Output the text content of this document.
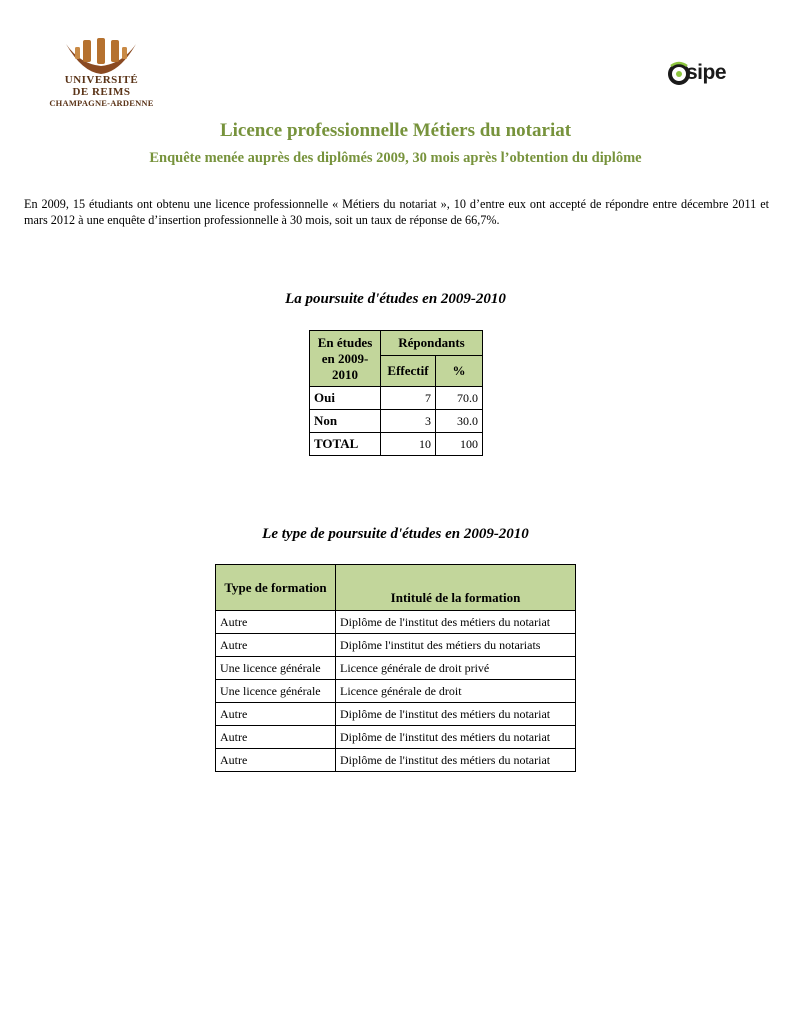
UNIVERSITÉ
DE REIMS
CHAMPAGNE-ARDENNE
sipe
Licence professionnelle Métiers du notariat
Enquête menée auprès des diplômés 2009, 30 mois après l’obtention du diplôme
En 2009, 15 étudiants ont obtenu une licence professionnelle « Métiers du notariat », 10 d’entre eux ont accepté de répondre entre décembre 2011 et mars 2012 à une enquête d’insertion professionnelle à 30 mois, soit un taux de réponse de 66,7%.
La poursuite d'études en 2009-2010
En études en 2009-2010	Répondants	
	Effectif	%
Oui	7	70.0
Non	3	30.0
TOTAL	10	100
Le type de poursuite d'études en 2009-2010
Type de formation	Intitulé de la formation
Autre	Diplôme de l'institut des métiers du notariat
Autre	Diplôme l'institut des métiers du notariats
Une licence générale	Licence générale de droit privé
Une licence générale	Licence générale de droit
Autre	Diplôme de l'institut des métiers du notariat
Autre	Diplôme de l'institut des métiers du notariat
Autre	Diplôme de l'institut des métiers du notariat
